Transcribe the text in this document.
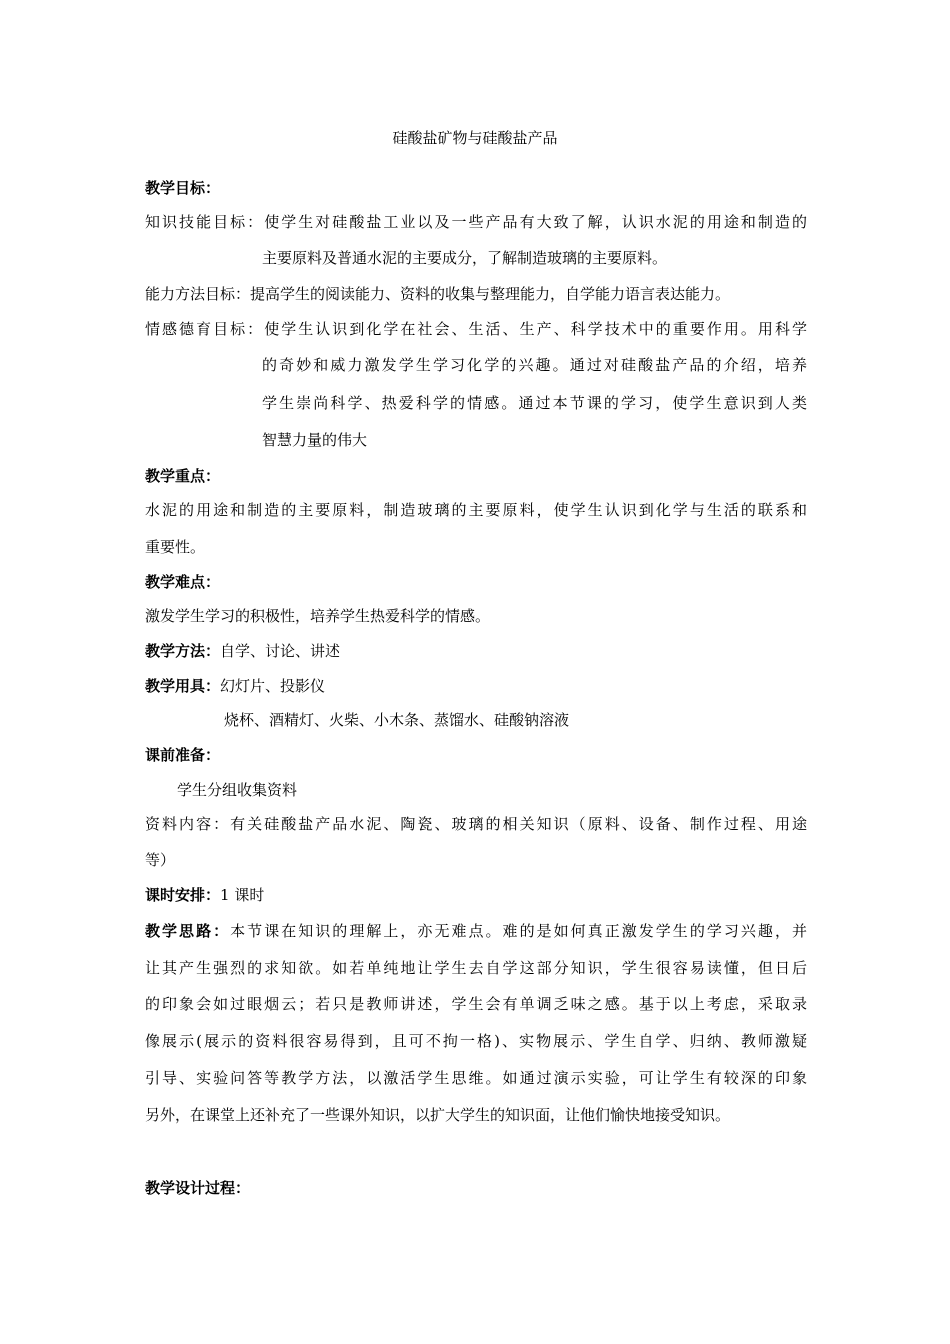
硅酸盐矿物与硅酸盐产品
教学目标：
知识技能目标：使学生对硅酸盐工业以及一些产品有大致了解，认识水泥的用途和制造的
主要原料及普通水泥的主要成分，了解制造玻璃的主要原料。
能力方法目标：提高学生的阅读能力、资料的收集与整理能力，自学能力语言表达能力。
情感德育目标：使学生认识到化学在社会、生活、生产、科学技术中的重要作用。用科学
的奇妙和威力激发学生学习化学的兴趣。通过对硅酸盐产品的介绍，培养
学生崇尚科学、热爱科学的情感。通过本节课的学习，使学生意识到人类
智慧力量的伟大
教学重点：
水泥的用途和制造的主要原料，制造玻璃的主要原料，使学生认识到化学与生活的联系和
重要性。
教学难点：
激发学生学习的积极性，培养学生热爱科学的情感。
教学方法：自学、讨论、讲述
教学用具：幻灯片、投影仪
烧杯、酒精灯、火柴、小木条、蒸馏水、硅酸钠溶液
课前准备：
学生分组收集资料
资料内容：有关硅酸盐产品水泥、陶瓷、玻璃的相关知识（原料、设备、制作过程、用途
等）
课时安排：1 课时
教学思路：本节课在知识的理解上，亦无难点。难的是如何真正激发学生的学习兴趣，并
让其产生强烈的求知欲。如若单纯地让学生去自学这部分知识，学生很容易读懂，但日后
的印象会如过眼烟云；若只是教师讲述，学生会有单调乏味之感。基于以上考虑，采取录
像展示(展示的资料很容易得到，且可不拘一格)、实物展示、学生自学、归纳、教师激疑
引导、实验问答等教学方法，以激活学生思维。如通过演示实验，可让学生有较深的印象
另外，在课堂上还补充了一些课外知识，以扩大学生的知识面，让他们愉快地接受知识。
教学设计过程：
